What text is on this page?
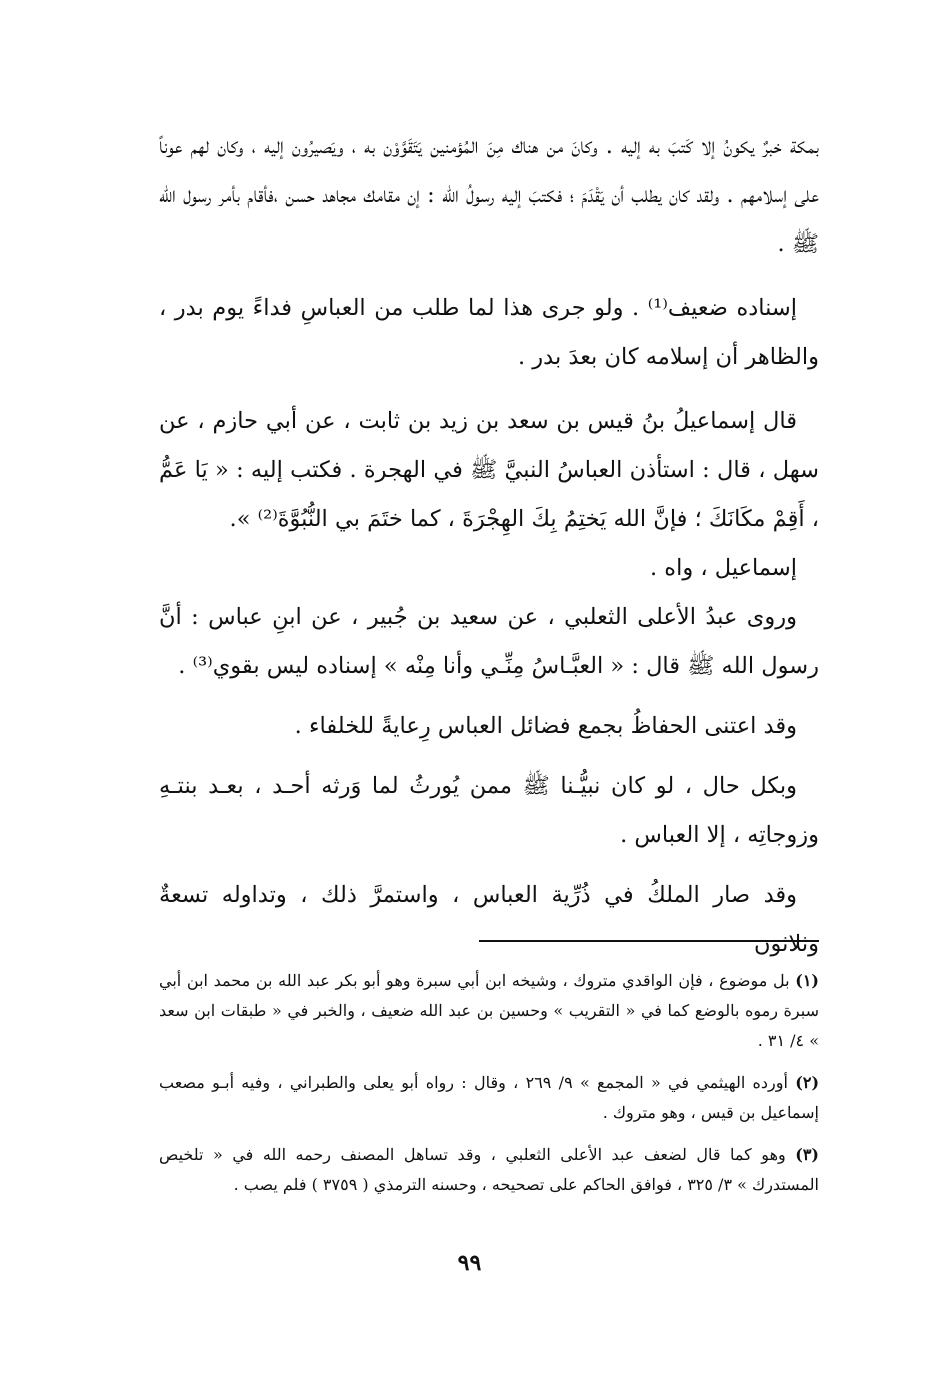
بمكة خبرٌ يكونُ إلا كَتبَ به إليه . وكانَ من هناك مِنَ المُؤمنين يَتَقَوَّوْن به ، ويَصيرُون إليه ، وكان لهم عوناً على إسلامهم . ولقد كان يطلب أن يَقْدَمَ ؛ فكتبَ إليه رسولُ الله : إن مقامك مجاهد حسن ،فأقام بأمر رسول الله ﷺ .

إسناده ضعيف⁽¹⁾ . ولو جرى هذا لما طلب من العباسِ فداءً يوم بدر ، والظاهر أن إسلامه كان بعدَ بدر .

قال إسماعيلُ بنُ قيس بن سعد بن زيد بن ثابت ، عن أبي حازم ، عن سهل ، قال : استأذن العباسُ النبيَّ ﷺ في الهجرة . فكتب إليه : « يَا عَمُّ ، أَقِمْ مكَانَكَ ؛ فإنَّ الله يَختِمُ بِكَ الهِجْرَةَ ، كما ختَمَ بي النُّبُوَّةَ⁽²⁾ ».

إسماعيل ، واه .

وروى عبدُ الأعلى الثعلبي ، عن سعيد بن جُبير ، عن ابنِ عباس : أنَّ رسول الله ﷺ قال : « العبَّـاسُ مِنِّـي وأنا مِنْه » إسناده ليس بقوي⁽³⁾ .

وقد اعتنى الحفاظُ بجمع فضائل العباس رِعايةً للخلفاء .

وبكل حال ، لو كان نبيُّـنا ﷺ ممن يُورثُ لما وَرثه أحـد ، بعـد بنتـهِ وزوجاتِه ، إلا العباس .

وقد صار الملكُ في ذُرِّية العباس ، واستمرَّ ذلك ، وتداوله تسعةٌ وثلاثون

(١) بل موضوع ، فإن الواقدي متروك ، وشيخه ابن أبي سبرة وهو أبو بكر عبد الله بن محمد ابن أبي سبرة رموه بالوضع كما في « التقريب » وحسين بن عبد الله ضعيف ، والخبر في « طبقات ابن سعد » ٤/ ٣١ .

(٢) أورده الهيثمي في « المجمع » ٩/ ٢٦٩ ، وقال : رواه أبو يعلى والطبراني ، وفيه أبـو مصعب إسماعيل بن قيس ، وهو متروك .

(٣) وهو كما قال لضعف عبد الأعلى الثعلبي ، وقد تساهل المصنف رحمه الله في « تلخيص المستدرك » ٣/ ٣٢٥ ، فوافق الحاكم على تصحيحه ، وحسنه الترمذي ( ٣٧٥٩ ) فلم يصب .

٩٩
